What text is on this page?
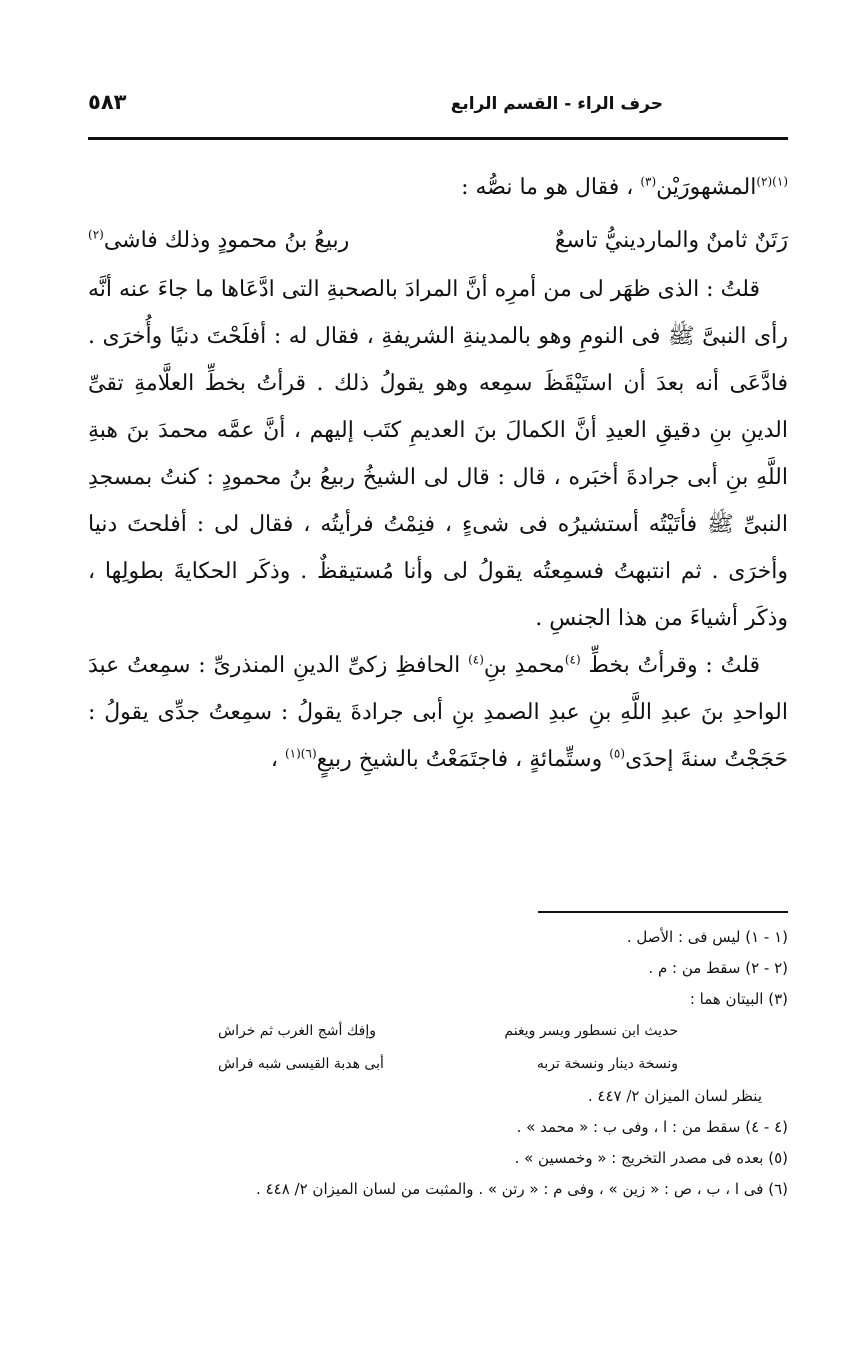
حرف الراء - القسم الرابع
٥٨٣

$^{(١)(٢)}$المشهورَيْن$^{(٣)}$ ، فقال هو ما نصُّه :

رَتَنٌ ثامنٌ والماردينيُّ تاسعٌ
ربيعُ بنُ محمودٍ وذلك فاشى$^{(٢)}$

قلتُ : الذى ظهَر لى من أمرِه أنَّ المرادَ بالصحبةِ التى ادَّعَاها ما جاءَ عنه أنَّه رأى النبىَّ ﷺ فى النومِ وهو بالمدينةِ الشريفةِ ، فقال له : أفلَحْتَ دنيًا وأُخرَى . فادَّعَى أنه بعدَ أن استَيْقَظَ سمِعه وهو يقولُ ذلك . قرأتُ بخطِّ العلَّامةِ تقىِّ الدينِ بنِ دقيقِ العيدِ أنَّ الكمالَ بنَ العديمِ كتَب إليهم ، أنَّ عمَّه محمدَ بنَ هبةِ اللَّهِ بنِ أبى جرادةَ أخبَره ، قال : قال لى الشيخُ ربيعُ بنُ محمودٍ : كنتُ بمسجدِ النبىِّ ﷺ فأتَيْتُه أستشيرُه فى شىءٍ ، فنِمْتُ فرأيتُه ، فقال لى : أفلحتَ دنيا وأخرَى . ثم انتبهتُ فسمِعتُه يقولُ لى وأنا مُستيقظٌ . وذكَر الحكايةَ بطولِها ، وذكَر أشياءَ من هذا الجنسِ .

قلتُ : وقرأتُ بخطِّ $^{(٤)}$محمدِ بنِ$^{(٤)}$ الحافظِ زكىِّ الدينِ المنذرىِّ : سمِعتُ عبدَ الواحدِ بنَ عبدِ اللَّهِ بنِ عبدِ الصمدِ بنِ أبى جرادةَ يقولُ : سمِعتُ جدِّى يقولُ : حَجَجْتُ سنةَ إحدَى$^{(٥)}$ وستِّمائةٍ ، فاجتَمَعْتُ بالشيخِ ربيعٍ$^{(٦)(١)}$ ،

(١ - ١) ليس فى : الأصل .

(٢ - ٢) سقط من : م .

(٣) البيتان هما :

حديث ابن نسطور ويسر ويغنم
وإفك أشج الغرب ثم خراش
ونسخة دينار ونسخة تربه
أبى هدبة القيسى شبه فراش

ينظر لسان الميزان ٢/ ٤٤٧ .

(٤ - ٤) سقط من : ا ، وفى ب : « محمد » .

(٥) بعده فى مصدر التخريج : « وخمسين » .

(٦) فى ا ، ب ، ص : « زين » ، وفى م : « رتن » . والمثبت من لسان الميزان ٢/ ٤٤٨ .
